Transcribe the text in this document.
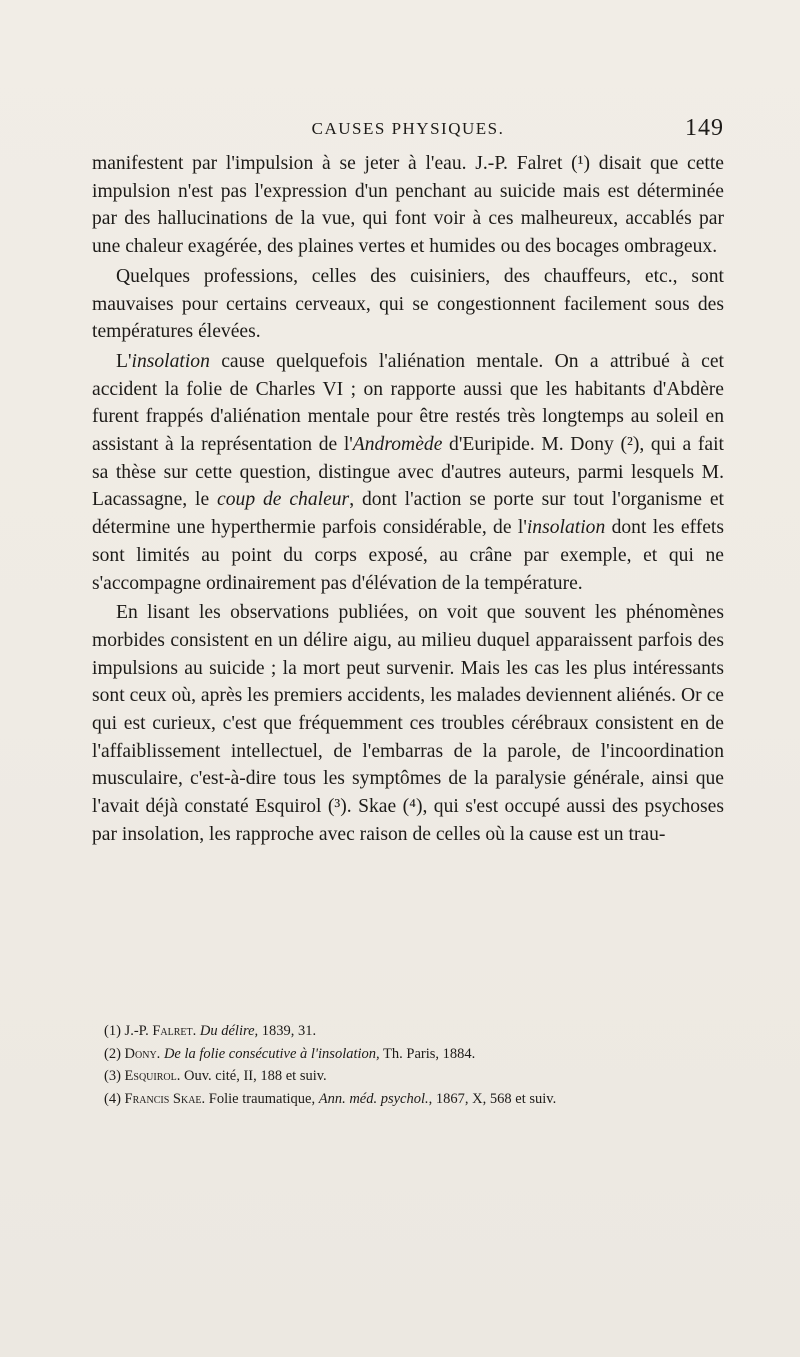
CAUSES PHYSIQUES.	149

manifestent par l'impulsion à se jeter à l'eau. J.-P. Falret (¹) disait que cette impulsion n'est pas l'expression d'un penchant au suicide mais est déterminée par des hallucinations de la vue, qui font voir à ces malheureux, accablés par une chaleur exagérée, des plaines vertes et humides ou des bocages ombrageux.

Quelques professions, celles des cuisiniers, des chauffeurs, etc., sont mauvaises pour certains cerveaux, qui se congestionnent facilement sous des températures élevées.

L'insolation cause quelquefois l'aliénation mentale. On a attribué à cet accident la folie de Charles VI ; on rapporte aussi que les habitants d'Abdère furent frappés d'aliénation mentale pour être restés très longtemps au soleil en assistant à la représentation de l'Andromède d'Euripide. M. Dony (²), qui a fait sa thèse sur cette question, distingue avec d'autres auteurs, parmi lesquels M. Lacassagne, le coup de chaleur, dont l'action se porte sur tout l'organisme et détermine une hyperthermie parfois considérable, de l'insolation dont les effets sont limités au point du corps exposé, au crâne par exemple, et qui ne s'accompagne ordinairement pas d'élévation de la température.

En lisant les observations publiées, on voit que souvent les phénomènes morbides consistent en un délire aigu, au milieu duquel apparaissent parfois des impulsions au suicide ; la mort peut survenir. Mais les cas les plus intéressants sont ceux où, après les premiers accidents, les malades deviennent aliénés. Or ce qui est curieux, c'est que fréquemment ces troubles cérébraux consistent en de l'affaiblissement intellectuel, de l'embarras de la parole, de l'incoordination musculaire, c'est-à-dire tous les symptômes de la paralysie générale, ainsi que l'avait déjà constaté Esquirol (³). Skae (⁴), qui s'est occupé aussi des psychoses par insolation, les rapproche avec raison de celles où la cause est un trau-

(1) J.-P. Falret. Du délire, 1839, 31.
(2) Dony. De la folie consécutive à l'insolation, Th. Paris, 1884.
(3) Esquirol. Ouv. cité, II, 188 et suiv.
(4) Francis Skae. Folie traumatique, Ann. méd. psychol., 1867, X, 568 et suiv.
